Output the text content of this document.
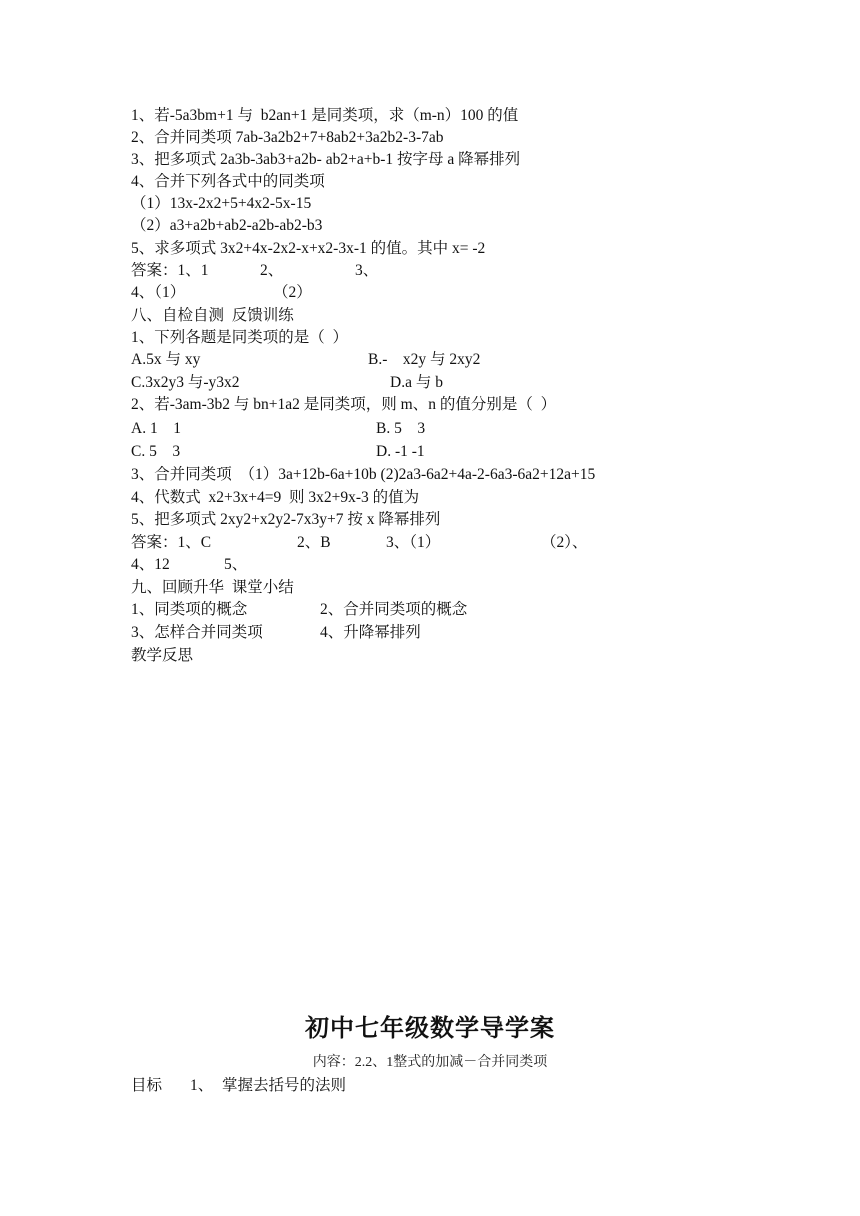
1、若-5a3bm+1 与  b2an+1 是同类项，求（m-n）100 的值
2、合并同类项 7ab-3a2b2+7+8ab2+3a2b2-3-7ab
3、把多项式 2a3b-3ab3+a2b- ab2+a+b-1 按字母 a 降幂排列
4、合并下列各式中的同类项
（1）13x-2x2+5+4x2-5x-15
（2）a3+a2b+ab2-a2b-ab2-b3
5、求多项式 3x2+4x-2x2-x+x2-3x-1 的值。其中 x= -2
答案：1、1	2、	3、
4、（1）	（2）
八、自检自测  反馈训练
1、下列各题是同类项的是（  ）
A.5x 与 xy	B.-    x2y 与 2xy2
C.3x2y3 与-y3x2	D.a 与 b
2、若-3am-3b2 与 bn+1a2 是同类项，则 m、n 的值分别是（  ）
A. 1    1	B. 5    3
C. 5    3	D. -1 -1
3、合并同类项  （1）3a+12b-6a+10b (2)2a3-6a2+4a-2-6a3-6a2+12a+15
4、代数式  x2+3x+4=9  则 3x2+9x-3 的值为
5、把多项式 2xy2+x2y2-7x3y+7 按 x 降幂排列
答案：1、C	2、B	3、（1）	（2）、
4、12	5、
九、回顾升华  课堂小结
1、同类项的概念	2、合并同类项的概念
3、怎样合并同类项	4、升降幂排列
教学反思
初中七年级数学导学案
内容：2.2、1整式的加减－合并同类项
目标 1、 掌握去括号的法则
